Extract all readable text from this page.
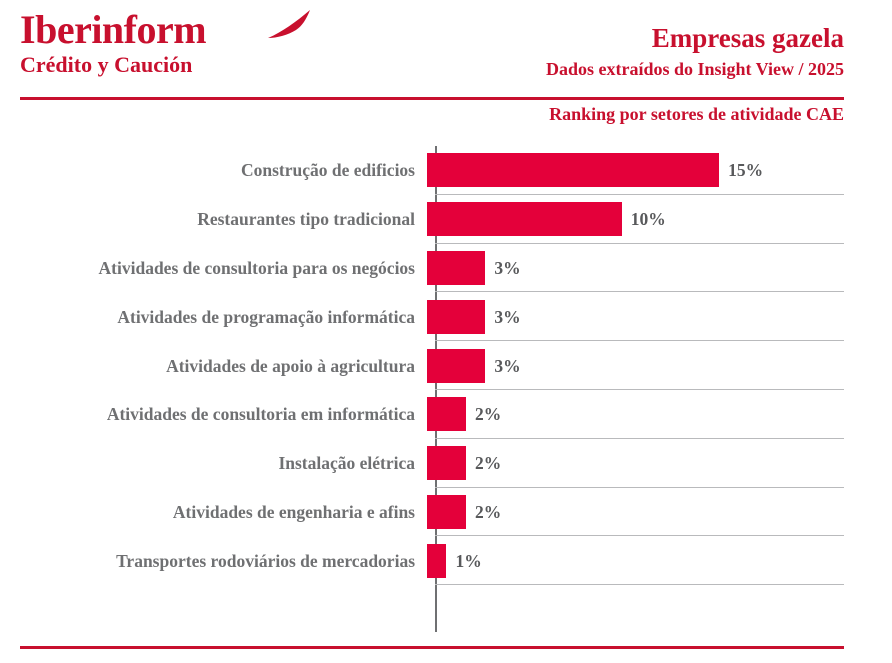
Iberinform
Crédito y Caución
Empresas gazela
Dados extraídos do Insight View / 2025
Ranking por setores de atividade CAE
Construção de edificios	15%
Restaurantes tipo tradicional	10%
Atividades de consultoria para os negócios	3%
Atividades de programação informática	3%
Atividades de apoio à agricultura	3%
Atividades de consultoria em informática	2%
Instalação elétrica	2%
Atividades de engenharia e afins	2%
Transportes rodoviários de mercadorias	1%
